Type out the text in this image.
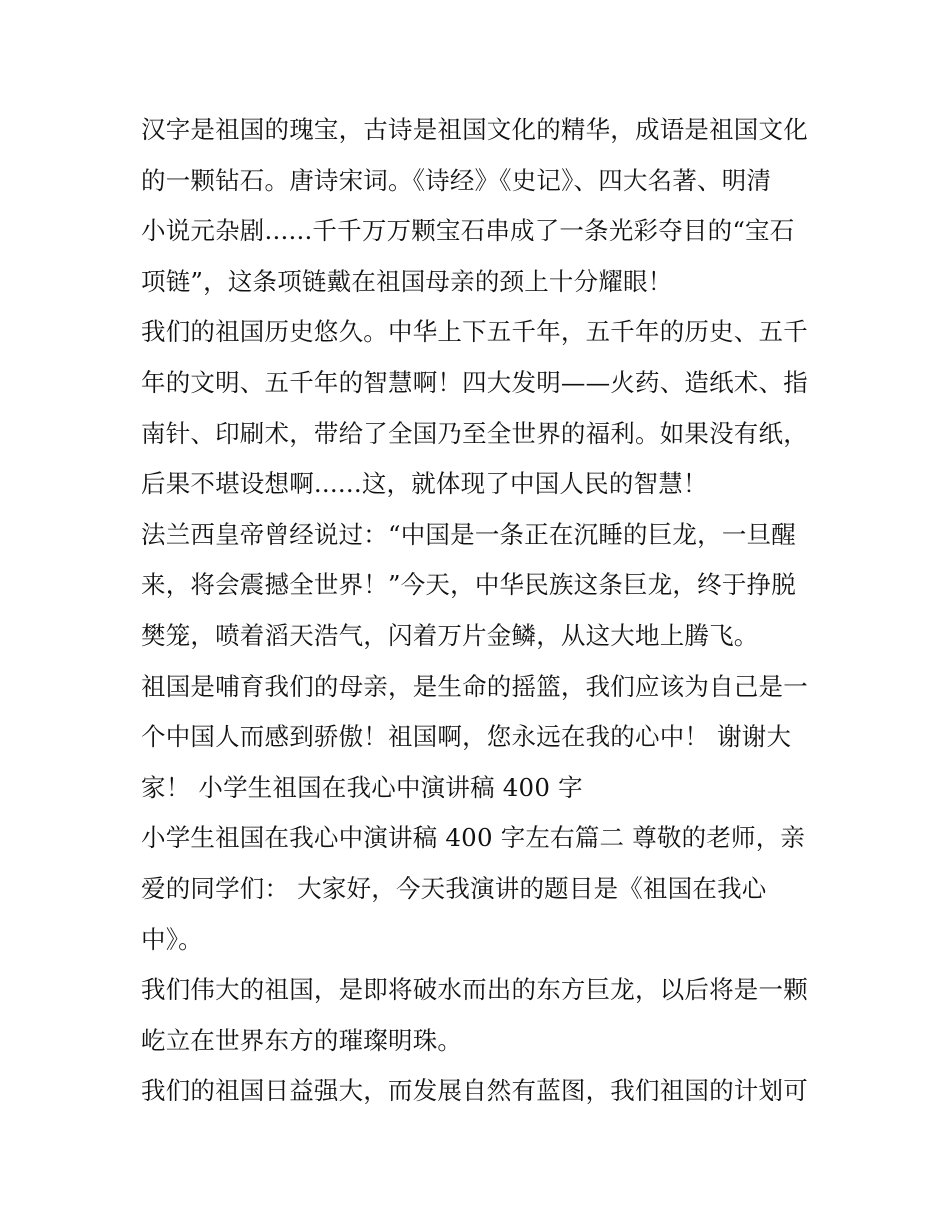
汉字是祖国的瑰宝，古诗是祖国文化的精华，成语是祖国文化
的一颗钻石。唐诗宋词。《诗经》《史记》、四大名著、明清
小说元杂剧......千千万万颗宝石串成了一条光彩夺目的“宝石
项链”，这条项链戴在祖国母亲的颈上十分耀眼！
我们的祖国历史悠久。中华上下五千年，五千年的历史、五千
年的文明、五千年的智慧啊！四大发明——火药、造纸术、指
南针、印刷术，带给了全国乃至全世界的福利。如果没有纸，
后果不堪设想啊......这，就体现了中国人民的智慧！
法兰西皇帝曾经说过：“中国是一条正在沉睡的巨龙，一旦醒
来，将会震撼全世界！”今天，中华民族这条巨龙，终于挣脱
樊笼，喷着滔天浩气，闪着万片金鳞，从这大地上腾飞。
祖国是哺育我们的母亲，是生命的摇篮，我们应该为自己是一
个中国人而感到骄傲！祖国啊，您永远在我的心中！ 谢谢大
家！ 小学生祖国在我心中演讲稿 400 字
小学生祖国在我心中演讲稿 400 字左右篇二 尊敬的老师，亲
爱的同学们： 大家好，今天我演讲的题目是《祖国在我心
中》。
我们伟大的祖国，是即将破水而出的东方巨龙，以后将是一颗
屹立在世界东方的璀璨明珠。
我们的祖国日益强大，而发展自然有蓝图，我们祖国的计划可
